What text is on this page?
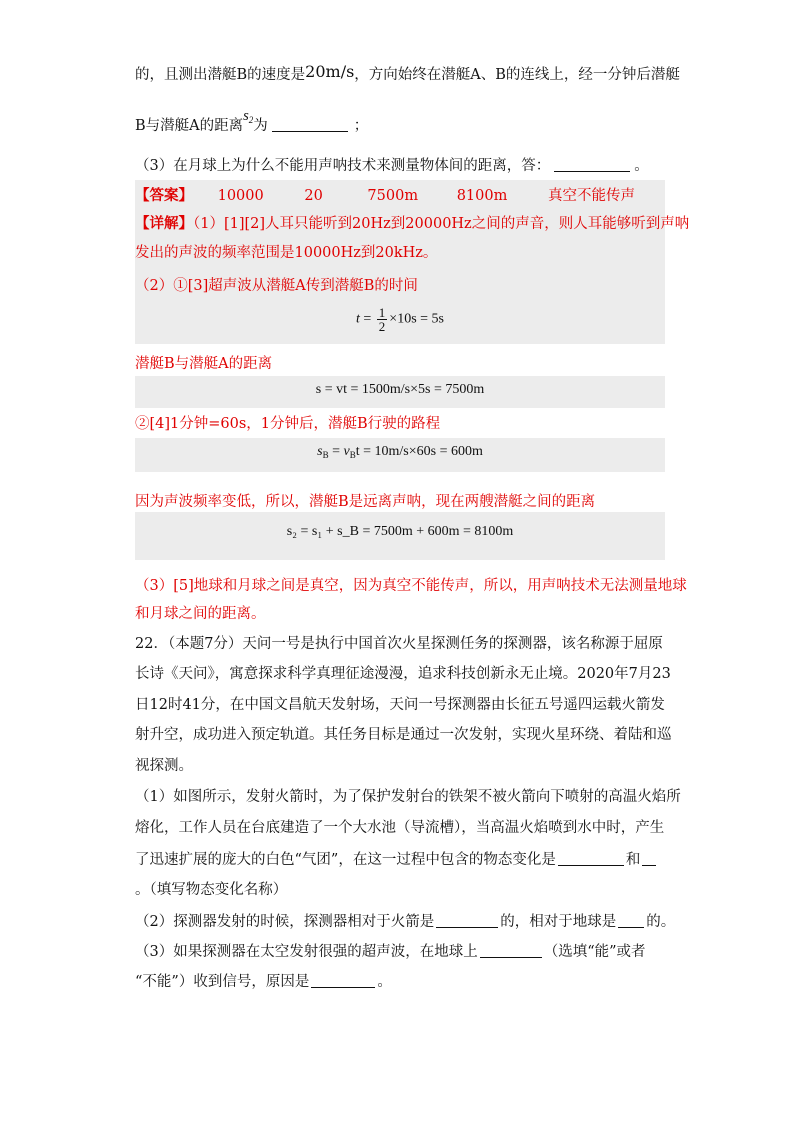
的，且测出潜艇B的速度是20m/s，方向始终在潜艇A、B的连线上，经一分钟后潜艇
B与潜艇A的距离$s_2$为	；
（3）在月球上为什么不能用声呐技术来测量物体间的距离，答：	。
【答案】 10000	20	7500m	8100m	真空不能传声
【详解】（1）[1][2]人耳只能听到20Hz到20000Hz之间的声音，则人耳能够听到声呐
发出的声波的频率范围是10000Hz到20kHz。
（2）①[3]超声波从潜艇A传到潜艇B的时间
$t = \frac{1}{2} \times 10s = 5s$
潜艇B与潜艇A的距离
s = vt = 1500m/s×5s = 7500m
②[4]1分钟=60s，1分钟后，潜艇B行驶的路程
$s_B = v_Bt = 10m/s\times 60s = 600m$
因为声波频率变低，所以，潜艇B是远离声呐，现在两艘潜艇之间的距离
s₂ = s₁ + s_B = 7500m + 600m = 8100m
（3）[5]地球和月球之间是真空，因为真空不能传声，所以，用声呐技术无法测量地球
和月球之间的距离。
22．（本题7分）天问一号是执行中国首次火星探测任务的探测器，该名称源于屈原
长诗《天问》，寓意探求科学真理征途漫漫，追求科技创新永无止境。2020年7月23
日12时41分，在中国文昌航天发射场，天问一号探测器由长征五号遥四运载火箭发
射升空，成功进入预定轨道。其任务目标是通过一次发射，实现火星环绕、着陆和巡
视探测。
（1）如图所示，发射火箭时，为了保护发射台的铁架不被火箭向下喷射的高温火焰所
熔化，工作人员在台底建造了一个大水池（导流槽），当高温火焰喷到水中时，产生
了迅速扩展的庞大的白色“气团”，在这一过程中包含的物态变化是	和
。（填写物态变化名称）
（2）探测器发射的时候，探测器相对于火箭是	的，相对于地球是 的。
（3）如果探测器在太空发射很强的超声波，在地球上	（选填“能”或者
“不能”）收到信号，原因是	。
